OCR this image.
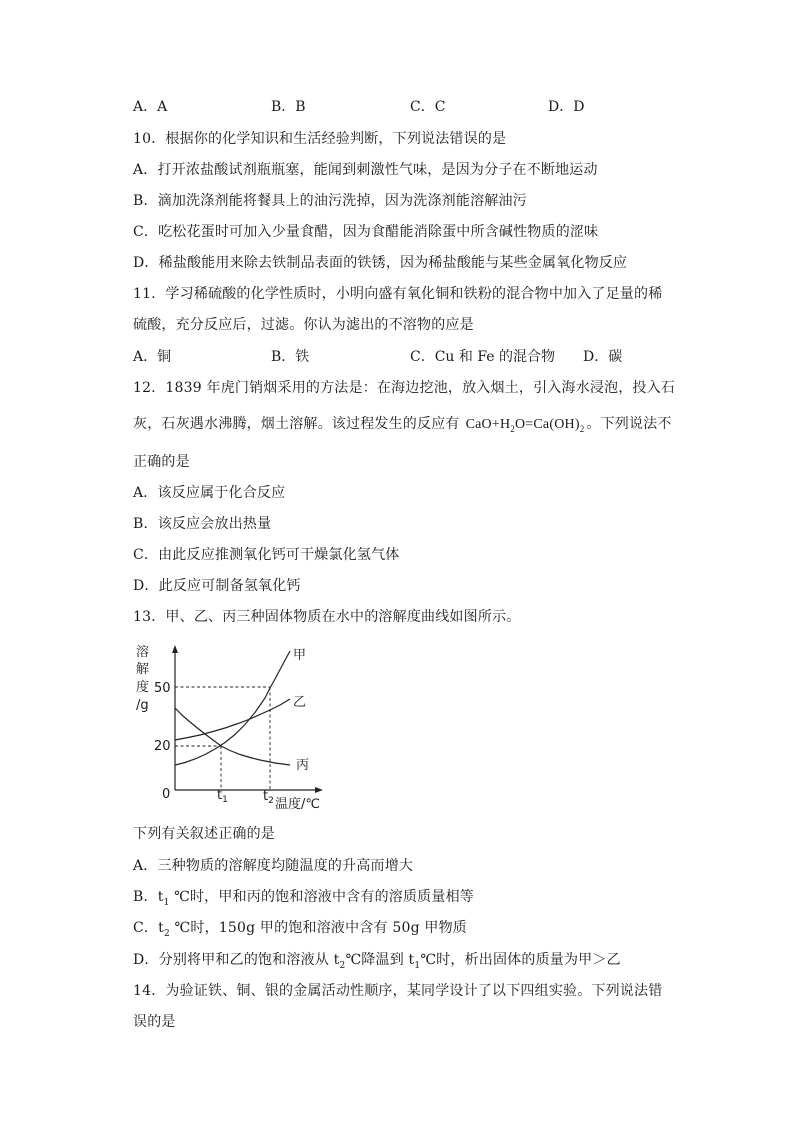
A．A	B．B	C．C	D．D
10．根据你的化学知识和生活经验判断，下列说法错误的是
A．打开浓盐酸试剂瓶瓶塞，能闻到刺激性气味，是因为分子在不断地运动
B．滴加洗涤剂能将餐具上的油污洗掉，因为洗涤剂能溶解油污
C．吃松花蛋时可加入少量食醋，因为食醋能消除蛋中所含碱性物质的涩味
D．稀盐酸能用来除去铁制品表面的铁锈，因为稀盐酸能与某些金属氧化物反应
11．学习稀硫酸的化学性质时，小明向盛有氧化铜和铁粉的混合物中加入了足量的稀
硫酸，充分反应后，过滤。你认为滤出的不溶物的应是
A．铜	B．铁	C．Cu 和 Fe 的混合物 D．碳
12．1839 年虎门销烟采用的方法是：在海边挖池，放入烟土，引入海水浸泡，投入石
灰，石灰遇水沸腾，烟土溶解。该过程发生的反应有 $CaO+H_2O=Ca(OH)_2$ 。下列说法不
正确的是
A．该反应属于化合反应
B．该反应会放出热量
C．由此反应推测氧化钙可干燥氯化氢气体
D．此反应可制备氢氧化钙
13．甲、乙、丙三种固体物质在水中的溶解度曲线如图所示。
溶
解
度
/g
50
20
0	$t_1$	$t_2$ 温度/℃
甲
乙
丙
下列有关叙述正确的是
A．三种物质的溶解度均随温度的升高而增大
B．$t_1$ ℃时，甲和丙的饱和溶液中含有的溶质质量相等
C．$t_2$ ℃时，150g 甲的饱和溶液中含有 50g 甲物质
D．分别将甲和乙的饱和溶液从 $t_2℃$降温到 $t_1℃$时，析出固体的质量为甲＞乙
14．为验证铁、铜、银的金属活动性顺序，某同学设计了以下四组实验。下列说法错
误的是
